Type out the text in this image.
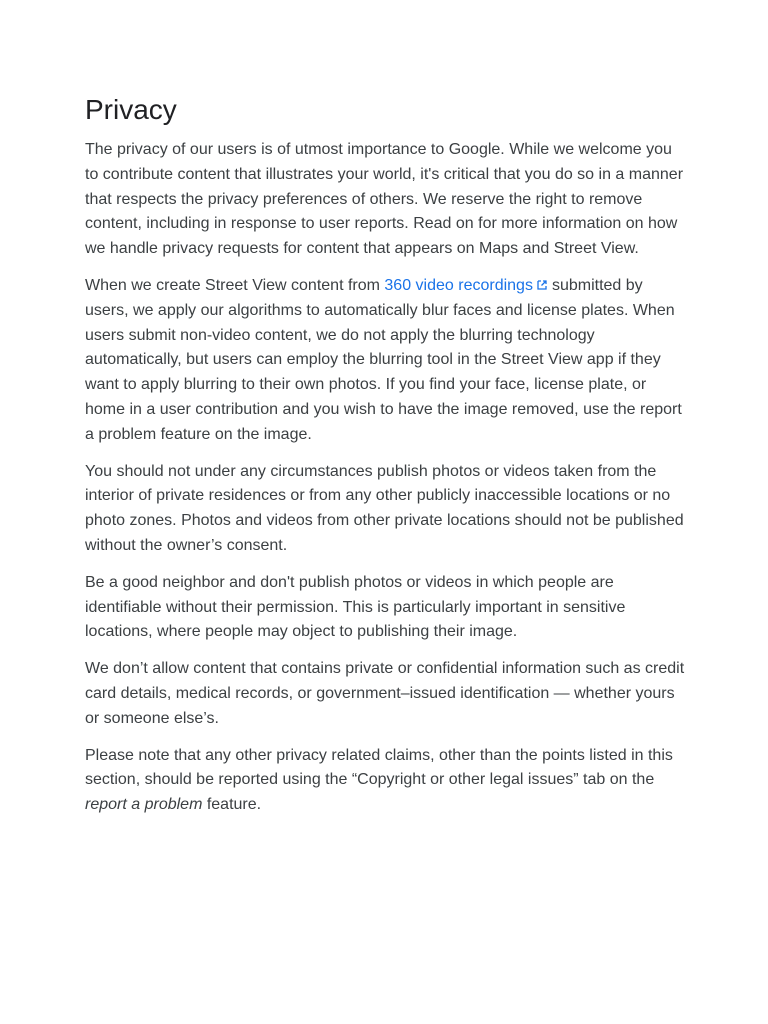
Privacy

The privacy of our users is of utmost importance to Google. While we welcome you to contribute content that illustrates your world, it's critical that you do so in a manner that respects the privacy preferences of others. We reserve the right to remove content, including in response to user reports. Read on for more information on how we handle privacy requests for content that appears on Maps and Street View.

When we create Street View content from 360 video recordings submitted by users, we apply our algorithms to automatically blur faces and license plates. When users submit non-video content, we do not apply the blurring technology automatically, but users can employ the blurring tool in the Street View app if they want to apply blurring to their own photos. If you find your face, license plate, or home in a user contribution and you wish to have the image removed, use the report a problem feature on the image.

You should not under any circumstances publish photos or videos taken from the interior of private residences or from any other publicly inaccessible locations or no photo zones. Photos and videos from other private locations should not be published without the owner’s consent.

Be a good neighbor and don't publish photos or videos in which people are identifiable without their permission. This is particularly important in sensitive locations, where people may object to publishing their image.

We don’t allow content that contains private or confidential information such as credit card details, medical records, or government–issued identification — whether yours or someone else’s.

Please note that any other privacy related claims, other than the points listed in this section, should be reported using the “Copyright or other legal issues” tab on the report a problem feature.
